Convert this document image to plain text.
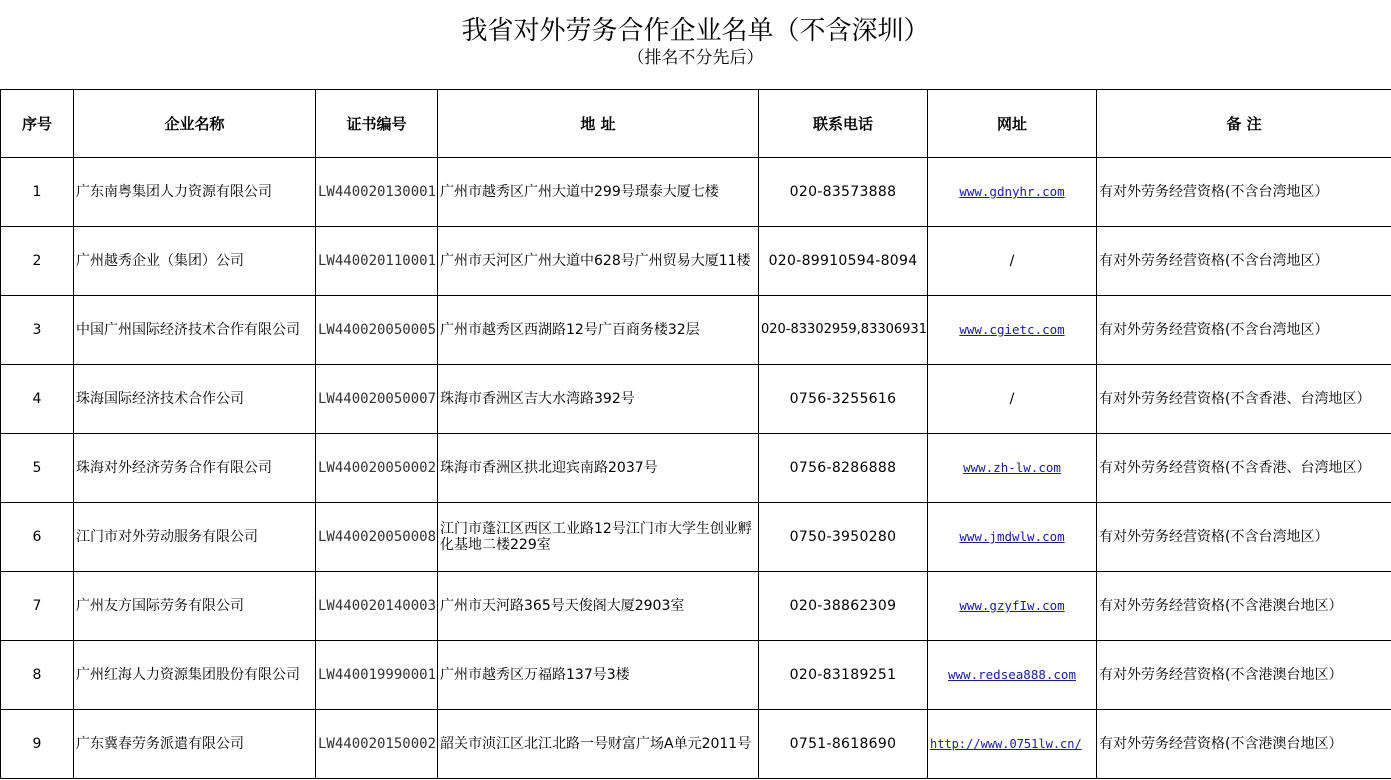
我省对外劳务合作企业名单（不含深圳）
（排名不分先后）
序号	企业名称	证书编号	地 址	联系电话	网址	备 注
1	广东南粤集团人力资源有限公司	LW440020130001	广州市越秀区广州大道中299号璟泰大厦七楼	020-83573888	www.gdnyhr.com	有对外劳务经营资格(不含台湾地区）
2	广州越秀企业（集团）公司	LW440020110001	广州市天河区广州大道中628号广州贸易大厦11楼	020-89910594-8094	/	有对外劳务经营资格(不含台湾地区）
3	中国广州国际经济技术合作有限公司	LW440020050005	广州市越秀区西湖路12号广百商务楼32层	020-83302959,83306931	www.cgietc.com	有对外劳务经营资格(不含台湾地区）
4	珠海国际经济技术合作公司	LW440020050007	珠海市香洲区吉大水湾路392号	0756-3255616	/	有对外劳务经营资格(不含香港、台湾地区）
5	珠海对外经济劳务合作有限公司	LW440020050002	珠海市香洲区拱北迎宾南路2037号	0756-8286888	www.zh-lw.com	有对外劳务经营资格(不含香港、台湾地区）
6	江门市对外劳动服务有限公司	LW440020050008	江门市蓬江区西区工业路12号江门市大学生创业孵化基地二楼229室	0750-3950280	www.jmdwlw.com	有对外劳务经营资格(不含台湾地区）
7	广州友方国际劳务有限公司	LW440020140003	广州市天河路365号天俊阁大厦2903室	020-38862309	www.gzyfIw.com	有对外劳务经营资格(不含港澳台地区）
8	广州红海人力资源集团股份有限公司	LW440019990001	广州市越秀区万福路137号3楼	020-83189251	www.redsea888.com	有对外劳务经营资格(不含港澳台地区）
9	广东冀春劳务派遣有限公司	LW440020150002	韶关市浈江区北江北路一号财富广场A单元2011号	0751-8618690	http://www.0751lw.cn/	有对外劳务经营资格(不含港澳台地区）
